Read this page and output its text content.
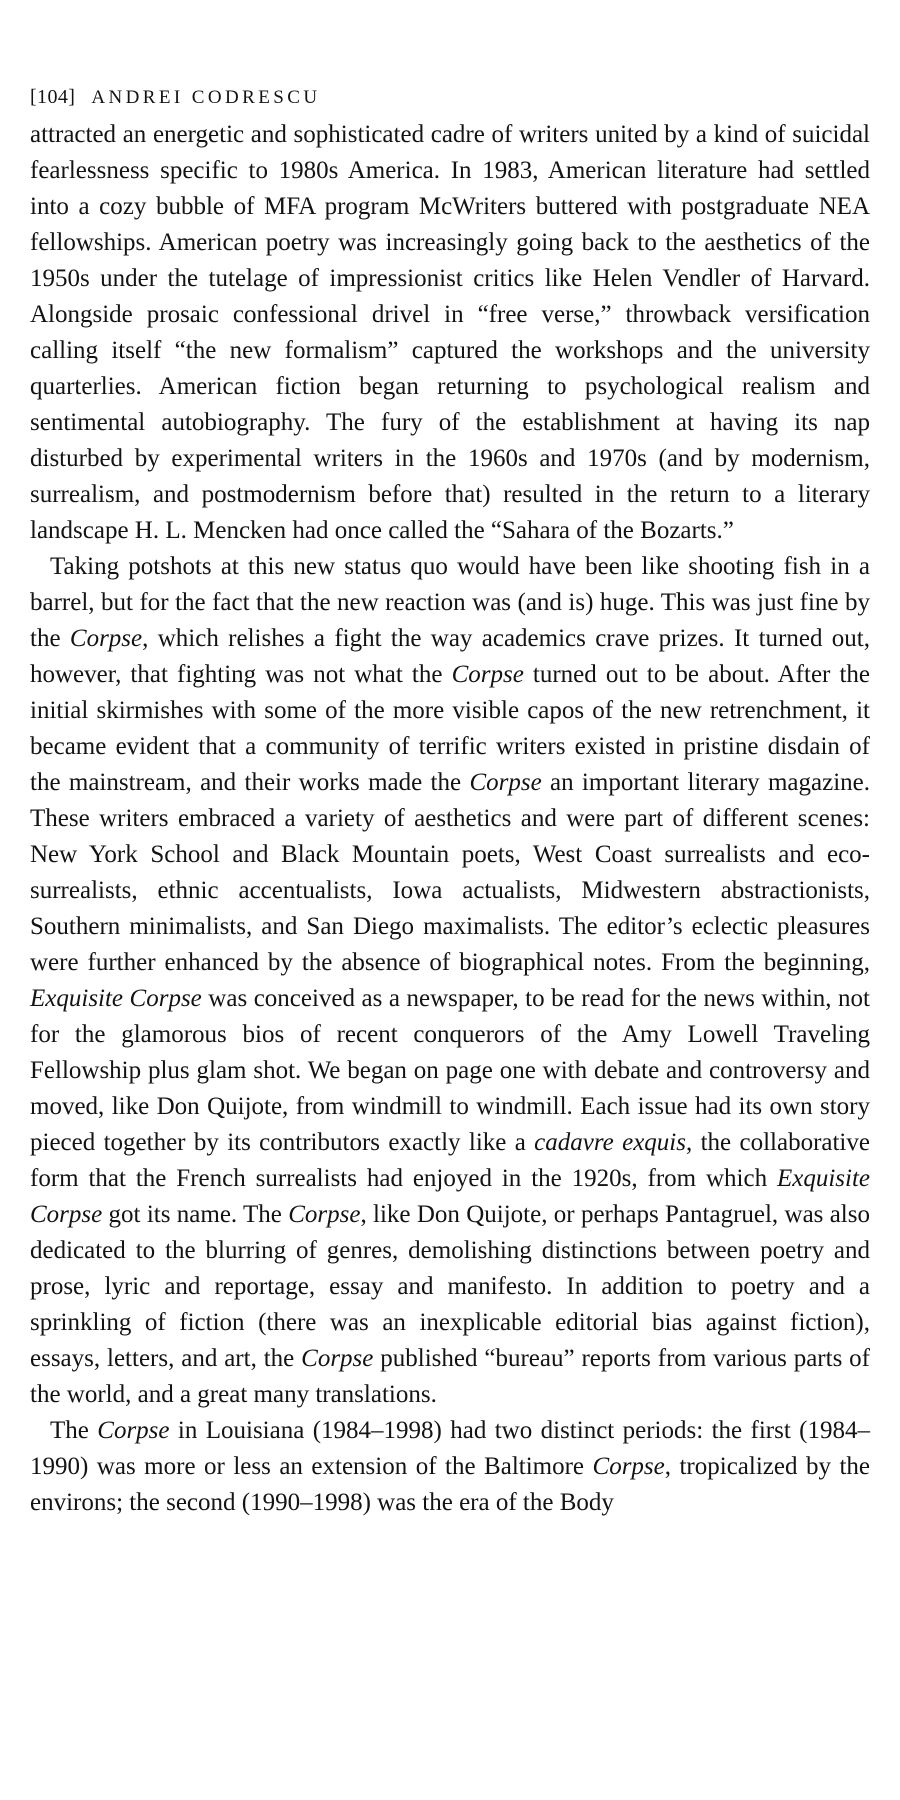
[104] ANDREI CODRESCU

attracted an energetic and sophisticated cadre of writers united by a kind of suicidal fearlessness specific to 1980s America. In 1983, American literature had settled into a cozy bubble of MFA program McWriters buttered with postgraduate NEA fellowships. American poetry was increasingly going back to the aesthetics of the 1950s under the tutelage of impressionist critics like Helen Vendler of Harvard. Alongside prosaic confessional drivel in “free verse,” throwback versification calling itself “the new formalism” captured the workshops and the university quarterlies. American fiction began returning to psychological realism and sentimental autobiography. The fury of the establishment at having its nap disturbed by experimental writers in the 1960s and 1970s (and by modernism, surrealism, and postmodernism before that) resulted in the return to a literary landscape H. L. Mencken had once called the “Sahara of the Bozarts.”

Taking potshots at this new status quo would have been like shooting fish in a barrel, but for the fact that the new reaction was (and is) huge. This was just fine by the Corpse, which relishes a fight the way academics crave prizes. It turned out, however, that fighting was not what the Corpse turned out to be about. After the initial skirmishes with some of the more visible capos of the new retrenchment, it became evident that a community of terrific writers existed in pristine disdain of the mainstream, and their works made the Corpse an important literary magazine. These writers embraced a variety of aesthetics and were part of different scenes: New York School and Black Mountain poets, West Coast surrealists and eco-surrealists, ethnic accentualists, Iowa actualists, Midwestern abstractionists, Southern minimalists, and San Diego maximalists. The editor’s eclectic pleasures were further enhanced by the absence of biographical notes. From the beginning, Exquisite Corpse was conceived as a newspaper, to be read for the news within, not for the glamorous bios of recent conquerors of the Amy Lowell Traveling Fellowship plus glam shot. We began on page one with debate and controversy and moved, like Don Quijote, from windmill to windmill. Each issue had its own story pieced together by its contributors exactly like a cadavre exquis, the collaborative form that the French surrealists had enjoyed in the 1920s, from which Exquisite Corpse got its name. The Corpse, like Don Quijote, or perhaps Pantagruel, was also dedicated to the blurring of genres, demolishing distinctions between poetry and prose, lyric and reportage, essay and manifesto. In addition to poetry and a sprinkling of fiction (there was an inexplicable editorial bias against fiction), essays, letters, and art, the Corpse published “bureau” reports from various parts of the world, and a great many translations.

The Corpse in Louisiana (1984–1998) had two distinct periods: the first (1984–1990) was more or less an extension of the Baltimore Corpse, tropicalized by the environs; the second (1990–1998) was the era of the Body
